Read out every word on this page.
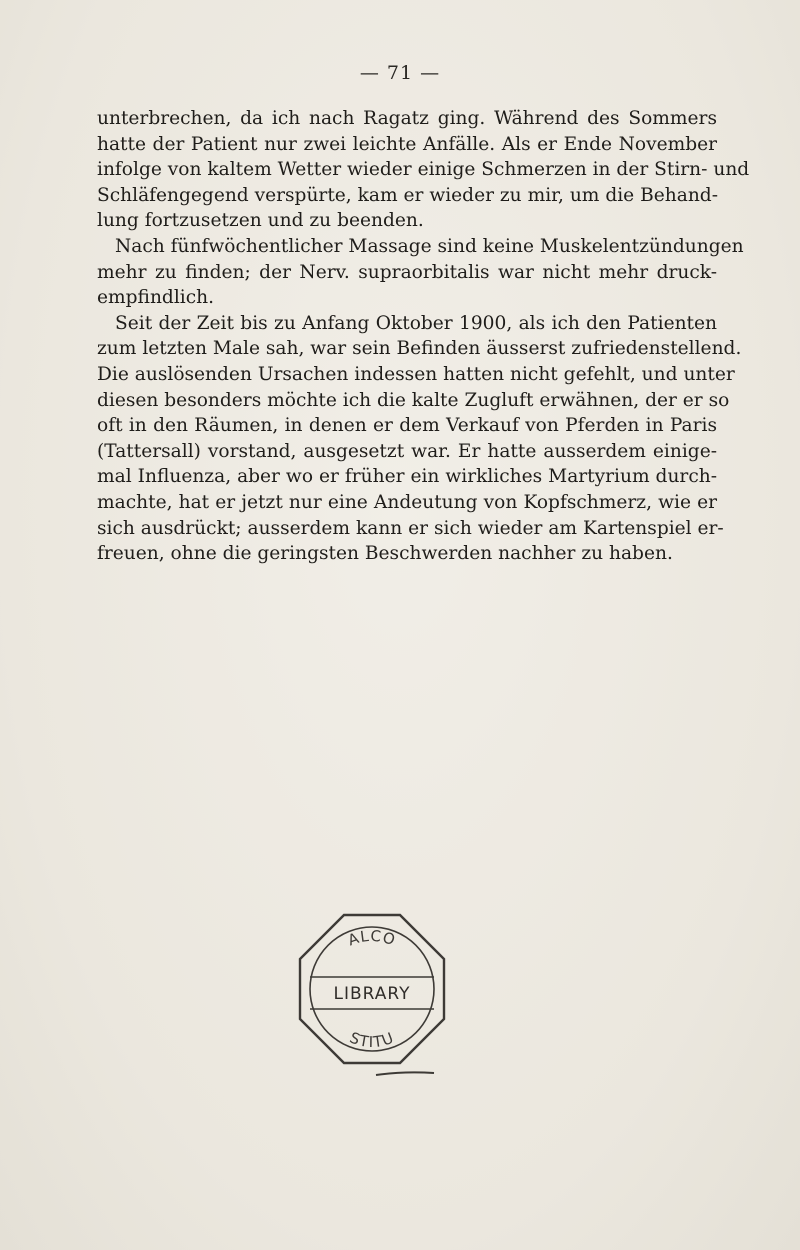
— 71 —
unterbrechen, da ich nach Ragatz ging. Während des Sommers
hatte der Patient nur zwei leichte Anfälle. Als er Ende November
infolge von kaltem Wetter wieder einige Schmerzen in der Stirn- und
Schläfengegend verspürte, kam er wieder zu mir, um die Behand-
lung fortzusetzen und zu beenden.
Nach fünfwöchentlicher Massage sind keine Muskelentzündungen
mehr zu finden; der Nerv. supraorbitalis war nicht mehr druck-
empfindlich.
Seit der Zeit bis zu Anfang Oktober 1900, als ich den Patienten
zum letzten Male sah, war sein Befinden äusserst zufriedenstellend.
Die auslösenden Ursachen indessen hatten nicht gefehlt, und unter
diesen besonders möchte ich die kalte Zugluft erwähnen, der er so
oft in den Räumen, in denen er dem Verkauf von Pferden in Paris
(Tattersall) vorstand, ausgesetzt war. Er hatte ausserdem einige-
mal Influenza, aber wo er früher ein wirkliches Martyrium durch-
machte, hat er jetzt nur eine Andeutung von Kopfschmerz, wie er
sich ausdrückt; ausserdem kann er sich wieder am Kartenspiel er-
freuen, ohne die geringsten Beschwerden nachher zu haben.
ALCO
LIBRARY
STITU
